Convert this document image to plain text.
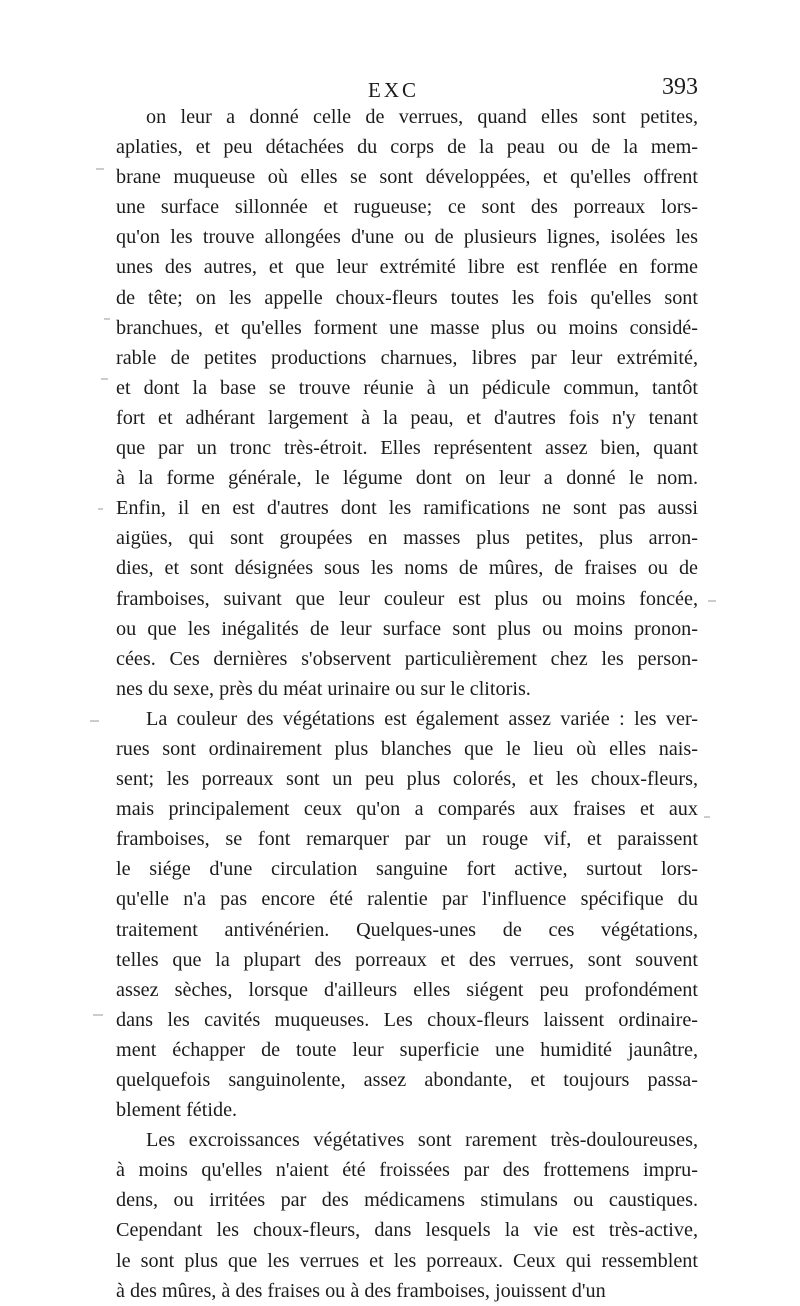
EXC	393
on leur a donné celle de verrues, quand elles sont petites,
aplaties, et peu détachées du corps de la peau ou de la mem-
brane muqueuse où elles se sont développées, et qu'elles offrent
une surface sillonnée et rugueuse; ce sont des porreaux lors-
qu'on les trouve allongées d'une ou de plusieurs lignes, isolées les
unes des autres, et que leur extrémité libre est renflée en forme
de tête; on les appelle choux-fleurs toutes les fois qu'elles sont
branchues, et qu'elles forment une masse plus ou moins considé-
rable de petites productions charnues, libres par leur extrémité,
et dont la base se trouve réunie à un pédicule commun, tantôt
fort et adhérant largement à la peau, et d'autres fois n'y tenant
que par un tronc très-étroit. Elles représentent assez bien, quant
à la forme générale, le légume dont on leur a donné le nom.
Enfin, il en est d'autres dont les ramifications ne sont pas aussi
aigües, qui sont groupées en masses plus petites, plus arron-
dies, et sont désignées sous les noms de mûres, de fraises ou de
framboises, suivant que leur couleur est plus ou moins foncée,
ou que les inégalités de leur surface sont plus ou moins pronon-
cées. Ces dernières s'observent particulièrement chez les person-
nes du sexe, près du méat urinaire ou sur le clitoris.
La couleur des végétations est également assez variée : les ver-
rues sont ordinairement plus blanches que le lieu où elles nais-
sent; les porreaux sont un peu plus colorés, et les choux-fleurs,
mais principalement ceux qu'on a comparés aux fraises et aux
framboises, se font remarquer par un rouge vif, et paraissent
le siége d'une circulation sanguine fort active, surtout lors-
qu'elle n'a pas encore été ralentie par l'influence spécifique du
traitement antivénérien. Quelques-unes de ces végétations,
telles que la plupart des porreaux et des verrues, sont souvent
assez sèches, lorsque d'ailleurs elles siégent peu profondément
dans les cavités muqueuses. Les choux-fleurs laissent ordinaire-
ment échapper de toute leur superficie une humidité jaunâtre,
quelquefois sanguinolente, assez abondante, et toujours passa-
blement fétide.
Les excroissances végétatives sont rarement très-douloureuses,
à moins qu'elles n'aient été froissées par des frottemens impru-
dens, ou irritées par des médicamens stimulans ou caustiques.
Cependant les choux-fleurs, dans lesquels la vie est très-active,
le sont plus que les verrues et les porreaux. Ceux qui ressemblent
à des mûres, à des fraises ou à des framboises, jouissent d'un
